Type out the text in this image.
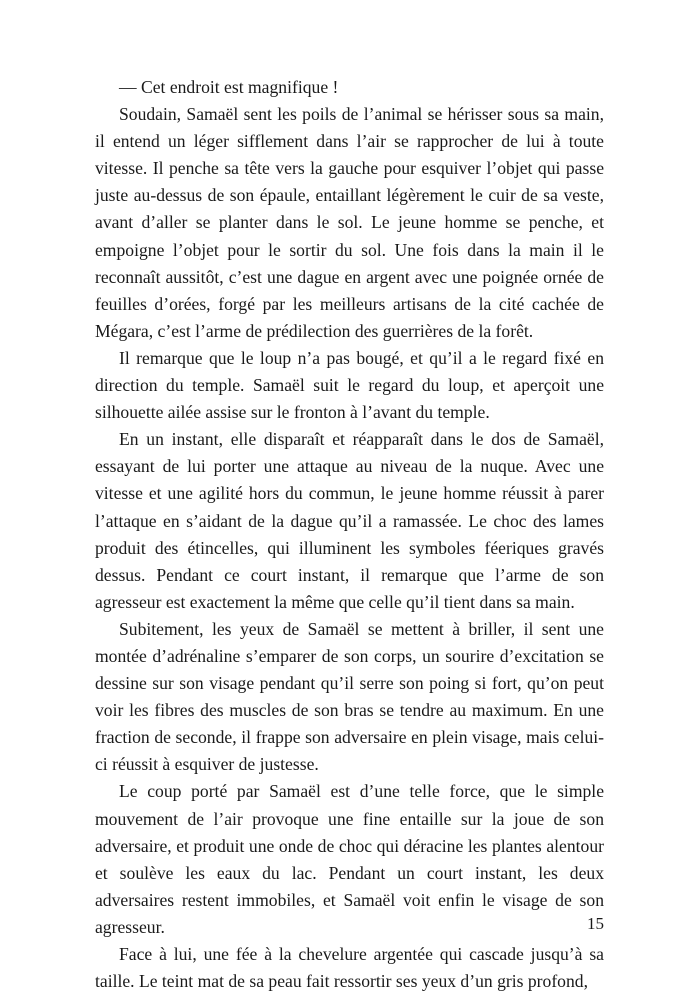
— Cet endroit est magnifique !

Soudain, Samaël sent les poils de l’animal se hérisser sous sa main, il entend un léger sifflement dans l’air se rapprocher de lui à toute vitesse. Il penche sa tête vers la gauche pour esquiver l’objet qui passe juste au-dessus de son épaule, entaillant légèrement le cuir de sa veste, avant d’aller se planter dans le sol. Le jeune homme se penche, et empoigne l’objet pour le sortir du sol. Une fois dans la main il le reconnaît aussitôt, c’est une dague en argent avec une poignée ornée de feuilles d’orées, forgé par les meilleurs artisans de la cité cachée de Mégara, c’est l’arme de prédilection des guerrières de la forêt.

Il remarque que le loup n’a pas bougé, et qu’il a le regard fixé en direction du temple. Samaël suit le regard du loup, et aperçoit une silhouette ailée assise sur le fronton à l’avant du temple.

En un instant, elle disparaît et réapparaît dans le dos de Samaël, essayant de lui porter une attaque au niveau de la nuque. Avec une vitesse et une agilité hors du commun, le jeune homme réussit à parer l’attaque en s’aidant de la dague qu’il a ramassée. Le choc des lames produit des étincelles, qui illuminent les symboles féeriques gravés dessus. Pendant ce court instant, il remarque que l’arme de son agresseur est exactement la même que celle qu’il tient dans sa main.

Subitement, les yeux de Samaël se mettent à briller, il sent une montée d’adrénaline s’emparer de son corps, un sourire d’excitation se dessine sur son visage pendant qu’il serre son poing si fort, qu’on peut voir les fibres des muscles de son bras se tendre au maximum. En une fraction de seconde, il frappe son adversaire en plein visage, mais celui-ci réussit à esquiver de justesse.

Le coup porté par Samaël est d’une telle force, que le simple mouvement de l’air provoque une fine entaille sur la joue de son adversaire, et produit une onde de choc qui déracine les plantes alentour et soulève les eaux du lac. Pendant un court instant, les deux adversaires restent immobiles, et Samaël voit enfin le visage de son agresseur.

Face à lui, une fée à la chevelure argentée qui cascade jusqu’à sa taille. Le teint mat de sa peau fait ressortir ses yeux d’un gris profond,

15
